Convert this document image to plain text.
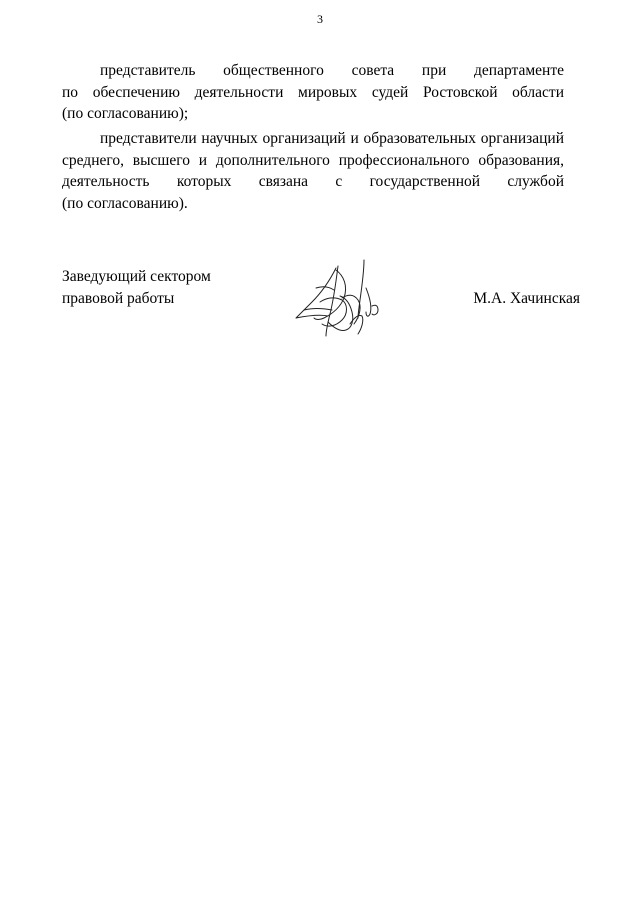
3
представитель общественного совета при департаменте
по обеспечению деятельности мировых судей Ростовской области
(по согласованию);
представители научных организаций и образовательных организаций
среднего, высшего и дополнительного профессионального образования,
деятельность которых связана с государственной службой
(по согласованию).
Заведующий сектором
правовой работы	М.А. Хачинская
